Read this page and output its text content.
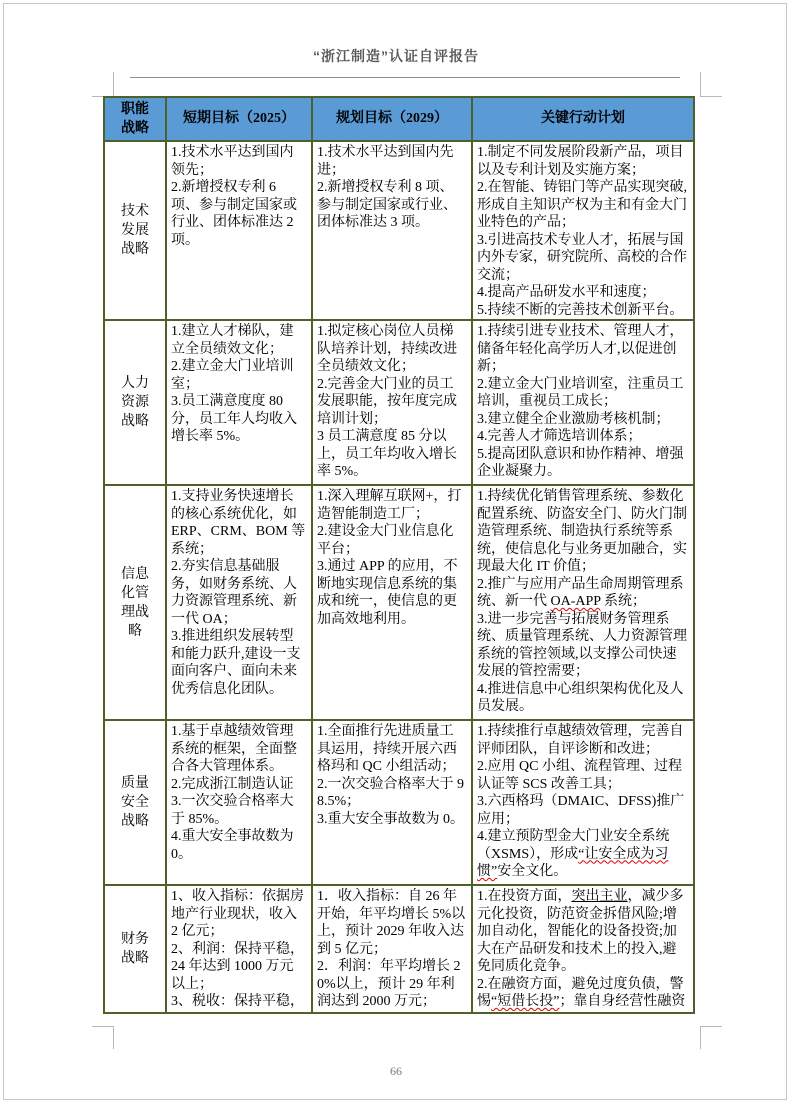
“浙江制造”认证自评报告
职能战略	短期目标（2025）	规划目标（2029）	关键行动计划

技术发展战略	1.技术水平达到国内领先；
2.新增授权专利 6 项、参与制定国家或行业、团体标准达 2 项。	1.技术水平达到国内先进；
2.新增授权专利 8 项、参与制定国家或行业、团体标准达 3 项。	1.制定不同发展阶段新产品，项目以及专利计划及实施方案；
2.在智能、铸铝门等产品实现突破,形成自主知识产权为主和有金大门业特色的产品；
3.引进高技术专业人才，拓展与国内外专家，研究院所、高校的合作交流；
4.提高产品研发水平和速度；
5.持续不断的完善技术创新平台。

人力资源战略	1.建立人才梯队，建立全员绩效文化；
2.建立金大门业培训室；
3.员工满意度度 80 分，员工年人均收入增长率 5%。	1.拟定核心岗位人员梯队培养计划，持续改进全员绩效文化；
2.完善金大门业的员工发展职能，按年度完成培训计划；
3 员工满意度 85 分以上，员工年均收入增长率 5%。	1.持续引进专业技术、管理人才，储备年轻化高学历人才,以促进创新；
2.建立金大门业培训室，注重员工培训，重视员工成长；
3.建立健全企业激励考核机制；
4.完善人才筛选培训体系；
5.提高团队意识和协作精神、增强企业凝聚力。

信息化管理战略	1.支持业务快速增长的核心系统优化，如 ERP、CRM、BOM 等系统；
2.夯实信息基础服务，如财务系统、人力资源管理系统、新一代 OA；
3.推进组织发展转型和能力跃升,建设一支面向客户、面向未来优秀信息化团队。	1.深入理解互联网+，打造智能制造工厂；
2.建设金大门业信息化平台；
3.通过 APP 的应用，不断地实现信息系统的集成和统一，使信息的更加高效地利用。	1.持续优化销售管理系统、参数化配置系统、防盗安全门、防火门制造管理系统、制造执行系统等系统，使信息化与业务更加融合，实现最大化 IT 价值；
2.推广与应用产品生命周期管理系统、新一代 OA-APP 系统；
3.进一步完善与拓展财务管理系统、质量管理系统、人力资源管理系统的管控领域,以支撑公司快速发展的管控需要；
4.推进信息中心组织架构优化及人员发展。

质量安全战略	1.基于卓越绩效管理系统的框架，全面整合各大管理体系。
2.完成浙江制造认证
3.一次交验合格率大于 85%。
4.重大安全事故数为 0。	1.全面推行先进质量工具运用，持续开展六西格玛和 QC 小组活动；
2.一次交验合格率大于 98.5%；
3.重大安全事故数为 0。	1.持续推行卓越绩效管理，完善自评师团队，自评诊断和改进；
2.应用 QC 小组、流程管理、过程认证等 SCS 改善工具；
3.六西格玛（DMAIC、DFSS)推广应用；
4.建立预防型金大门业安全系统（XSMS），形成“让安全成为习惯”安全文化。

财务战略	1、收入指标：依据房地产行业现状，收入 2 亿元；
2、利润：保持平稳，24 年达到 1000 万元以上；
3、税收：保持平稳，	1．收入指标：自 26 年开始，年平均增长 5%以上，预计 2029 年收入达到 5 亿元；
2．利润：年平均增长 20%以上，预计 29 年利润达到 2000 万元；	1.在投资方面，突出主业，减少多元化投资，防范资金拆借风险;增加自动化，智能化的设备投资;加大在产品研发和技术上的投入,避免同质化竞争。
2.在融资方面，避免过度负债，警惕“短借长投”；靠自身经营性融资
66
